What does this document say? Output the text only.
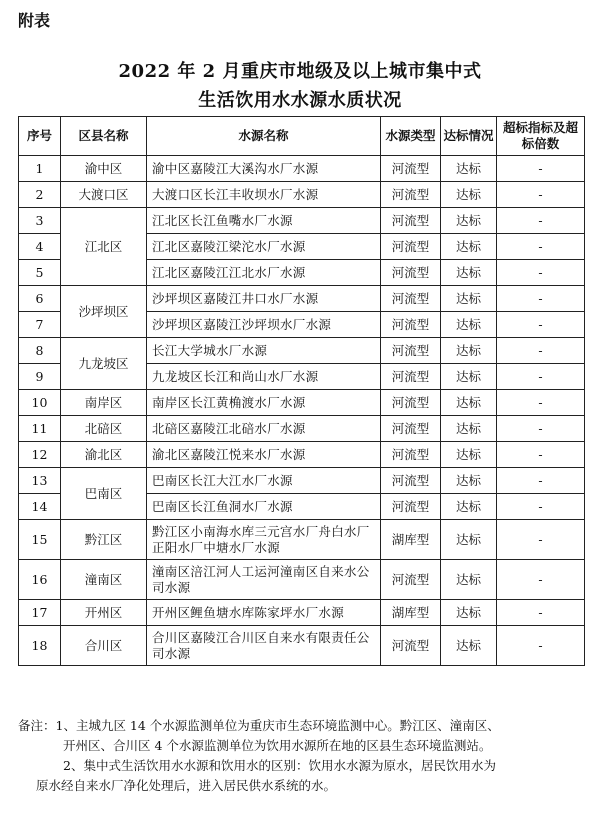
附表
2022 年 2 月重庆市地级及以上城市集中式
生活饮用水水源水质状况
序号	区县名称	水源名称	水源类型	达标情况	超标指标及超标倍数
1	渝中区	渝中区嘉陵江大溪沟水厂水源	河流型	达标	-
2	大渡口区	大渡口区长江丰收坝水厂水源	河流型	达标	-
3	江北区	江北区长江鱼嘴水厂水源	河流型	达标	-
4		江北区嘉陵江梁沱水厂水源	河流型	达标	-
5		江北区嘉陵江江北水厂水源	河流型	达标	-
6	沙坪坝区	沙坪坝区嘉陵江井口水厂水源	河流型	达标	-
7		沙坪坝区嘉陵江沙坪坝水厂水源	河流型	达标	-
8	九龙坡区	长江大学城水厂水源	河流型	达标	-
9		九龙坡区长江和尚山水厂水源	河流型	达标	-
10	南岸区	南岸区长江黄桷渡水厂水源	河流型	达标	-
11	北碚区	北碚区嘉陵江北碚水厂水源	河流型	达标	-
12	渝北区	渝北区嘉陵江悦来水厂水源	河流型	达标	-
13	巴南区	巴南区长江大江水厂水源	河流型	达标	-
14		巴南区长江鱼洞水厂水源	河流型	达标	-
15	黔江区	黔江区小南海水库三元宫水厂舟白水厂正阳水厂中塘水厂水源	湖库型	达标	-
16	潼南区	潼南区涪江河人工运河潼南区自来水公司水源	河流型	达标	-
17	开州区	开州区鲤鱼塘水库陈家坪水厂水源	湖库型	达标	-
18	合川区	合川区嘉陵江合川区自来水有限责任公司水源	河流型	达标	-
备注：1、主城九区 14 个水源监测单位为重庆市生态环境监测中心。黔江区、潼南区、
开州区、合川区 4 个水源监测单位为饮用水源所在地的区县生态环境监测站。
2、集中式生活饮用水水源和饮用水的区别：饮用水水源为原水，居民饮用水为
原水经自来水厂净化处理后，进入居民供水系统的水。
